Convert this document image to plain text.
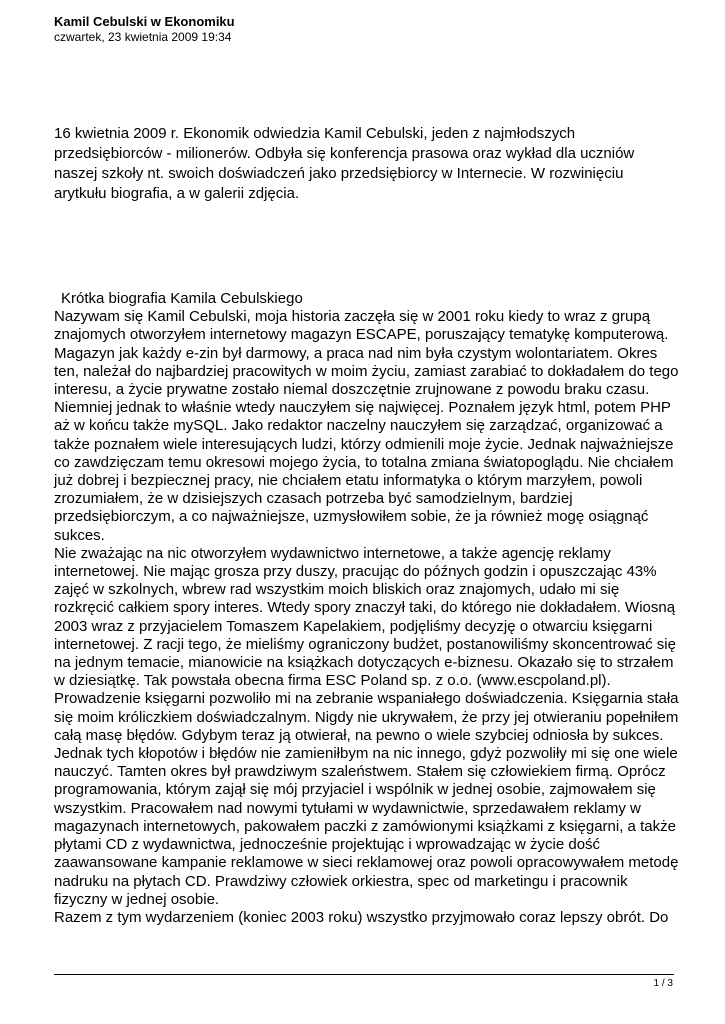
Kamil Cebulski w Ekonomiku
czwartek, 23 kwietnia 2009 19:34
16 kwietnia 2009 r. Ekonomik odwiedzia Kamil Cebulski, jeden z najmłodszych przedsiębiorców - milionerów. Odbyła się konferencja prasowa oraz wykład dla uczniów naszej szkoły nt. swoich doświadczeń jako przedsiębiorcy w Internecie. W rozwinięciu arytkułu biografia, a w galerii zdjęcia.

Krótka biografia Kamila Cebulskiego

Nazywam się Kamil Cebulski, moja historia zaczęła się w 2001 roku kiedy to wraz z grupą znajomych otworzyłem internetowy magazyn ESCAPE, poruszający tematykę komputerową. Magazyn jak każdy e-zin był darmowy, a praca nad nim była czystym wolontariatem. Okres ten, należał do najbardziej pracowitych w moim życiu, zamiast zarabiać to dokładałem do tego interesu, a życie prywatne zostało niemal doszczętnie zrujnowane z powodu braku czasu. Niemniej jednak to właśnie wtedy nauczyłem się najwięcej. Poznałem język html, potem PHP aż w końcu także mySQL. Jako redaktor naczelny nauczyłem się zarządzać, organizować a także poznałem wiele interesujących ludzi, którzy odmienili moje życie. Jednak najważniejsze co zawdzięczam temu okresowi mojego życia, to totalna zmiana światopoglądu. Nie chciałem już dobrej i bezpiecznej pracy, nie chciałem etatu informatyka o którym marzyłem, powoli zrozumiałem, że w dzisiejszych czasach potrzeba być samodzielnym, bardziej przedsiębiorczym, a co najważniejsze, uzmysłowiłem sobie, że ja również mogę osiągnąć sukces.

Nie zważając na nic otworzyłem wydawnictwo internetowe, a także agencję reklamy internetowej. Nie mając grosza przy duszy, pracując do późnych godzin i opuszczając 43% zajęć w szkolnych, wbrew rad wszystkim moich bliskich oraz znajomych, udało mi się rozkręcić całkiem spory interes. Wtedy spory znaczył taki, do którego nie dokładałem. Wiosną 2003 wraz z przyjacielem Tomaszem Kapelakiem, podjęliśmy decyzję o otwarciu księgarni internetowej. Z racji tego, że mieliśmy ograniczony budżet, postanowiliśmy skoncentrować się na jednym temacie, mianowicie na książkach dotyczących e-biznesu. Okazało się to strzałem w dziesiątkę. Tak powstała obecna firma ESC Poland sp. z o.o. (www.escpoland.pl).

Prowadzenie księgarni pozwoliło mi na zebranie wspaniałego doświadczenia. Księgarnia stała się moim króliczkiem doświadczalnym. Nigdy nie ukrywałem, że przy jej otwieraniu popełniłem całą masę błędów. Gdybym teraz ją otwierał, na pewno o wiele szybciej odniosła by sukces. Jednak tych kłopotów i błędów nie zamieniłbym na nic innego, gdyż pozwoliły mi się one wiele nauczyć. Tamten okres był prawdziwym szaleństwem. Stałem się człowiekiem firmą. Oprócz programowania, którym zajął się mój przyjaciel i wspólnik w jednej osobie, zajmowałem się wszystkim. Pracowałem nad nowymi tytułami w wydawnictwie, sprzedawałem reklamy w magazynach internetowych, pakowałem paczki z zamówionymi książkami z księgarni, a także płytami CD z wydawnictwa, jednocześnie projektując i wprowadzając w życie dość zaawansowane kampanie reklamowe w sieci reklamowej oraz powoli opracowywałem metodę nadruku na płytach CD. Prawdziwy człowiek orkiestra, spec od marketingu i pracownik fizyczny w jednej osobie.

Razem z tym wydarzeniem (koniec 2003 roku) wszystko przyjmowało coraz lepszy obrót. Do

1 / 3
